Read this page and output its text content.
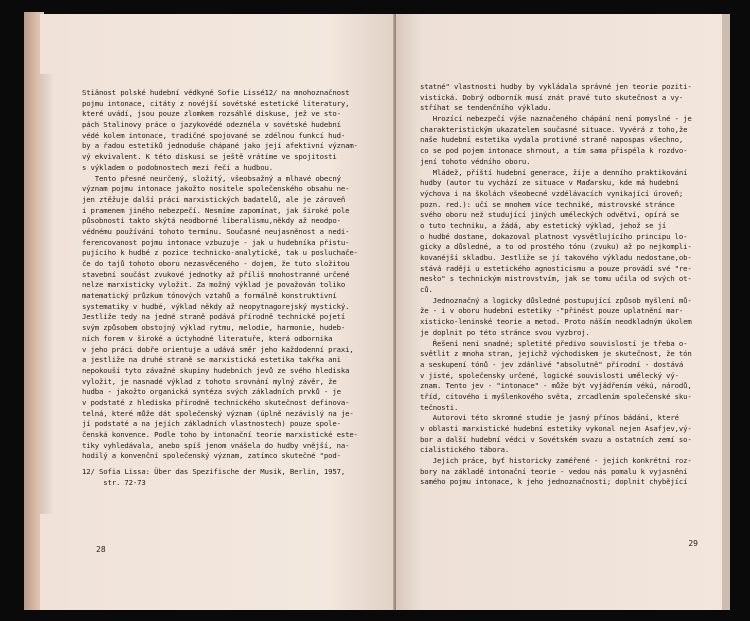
Stiänost polské hudební védkyné Sofie Lissé12/ na mnohoznačnost
pojmu intonace, citáty z novéjší sovétské estetické literatury,
které uvádí, jsou pouze zlomkem rozsáhlé diskuse, jež ve sto-
pách Stalinovy práce o jazykovédé odeznéla v sovétské hudební
védé kolem intonace, tradičné spojované se zdélnou funkcí hud-
by a řadou estetiků jednoduše chápané jako její afektivní význam-
vý ekvivalent. K této diskusi se ještě vrátíme ve spojitosti
s výkladem o podobnostech mezi řečí a hudbou.
Tento přesné neurčený, složitý, všeobsažný a mlhavé obecný
význam pojmu intonace jakožto nositele společenského obsahu ne-
jen ztěžuje další práci marxistických badatelů, ale je zároveň
i pramenem jiného nebezpečí. Nesmíme zapomínat, jak široké pole
působnosti takto skýtá neodborné liberalismu,někdy až neodpo-
védnému používání tohoto termínu. Současné neujasněnost a nedi-
ferencovanost pojmu intonace vzbuzuje - jak u hudebníka přistu-
pujícího k hudbé z pozice technicko-analytické, tak u posluchače-
če do tajů tohoto oboru nezasvěceného - dojem, že tuto složitou
stavební součást zvukové jednotky až příliš mnohostranné určené
nelze marxisticky vyložit. Za možný výklad je považován toliko
matematický průzkum tónových vztahů a formálně konstruktivní
systematiky v hudbé, výklad někdy až neopytnagorejský mystický.
Jestliže tedy na jedné straně podává přírodně technické pojetí
svým způsobem obstojný výklad rytmu, melodie, harmonie, hudeb-
ních forem v široké a úctyhodné literatuře, která odbornika
v jeho práci dobře orientuje a udává směr jeho každodenní praxi,
a jestliže na druhé straně se marxistická estetika takřka ani
nepokouší tyto závažné skupiny hudebních jevů ze svého hlediska
vyložit, je nasnadé výklad z tohoto srovnání mylný závěr, že
hudba - jakožto organická syntéza svých základních prvků - je
v podstaté z hlediska přírodně technického skutečnost definova-
telná, které může dát společenský význam (úplně nezávislý na je-
jí podstaté a na jejích základních vlastnostech) pouze spole-
čenská konvence. Podle toho by intonační teorie marxistické este-
tiky vyhledávala, anebo spíš jenom vnášela do hudby vnější, na-
hodilý a konvenční společenský význam, zatímco skutečné "pod-
12/ Sofia Lissa: Über das Spezifische der Musik, Berlin, 1957,
str. 72-73
28
statné" vlastnosti hudby by vykládala správné jen teorie poziti-
vistická. Dobrý odborník musí znát pravé tuto skutečnost a vy-
stříhat se tendenčního výkladu.
Hrozící nebezpečí výše naznačeného chápání není pomyslné - je
charakteristickým ukazatelem současné situace. Vyvérá z toho,že
naše hudební estetika vydala protivné straně napospas všechno,
co se pod pojem intonace shrnout, a tím sama přispéla k rozdvo-
jení tohoto védního oboru.
Mládež, příští hudební generace, žije a denního praktikování
hudby (autor tu vychází ze situace v Maďarsku, kde má hudební
výchova i na školách všeobecné vzdélávacích vynikající úroveň;
pozn. red.): učí se mnohem více techniké, mistrovské stránce
svého oboru než studující jiných uméleckých odvětví, opírá se
o tuto techniku, a žádá, aby estetický výklad, jehož se jí
o hudbé dostane, dokazoval platnost vysvětlujícího principu lo-
gicky a důsledné, a to od prostého tónu (zvuku) až po nejkompli-
kovanéjší skladbu. Jestliže se jí takového výkladu nedostane,ob-
stává raději u estetického agnosticismu a pouze provádí své "re-
mesło" s technickým mistrovstvím, jak se tomu učila od svých ot-
ců.
Jednoznačný a logicky důsledné postupující způsob myšlení mů-
že - i v oboru hudební estetiky -"přinést pouze uplatnění mar-
xisticko-leninské teorie a metod. Proto náším neodkladným úkolem
je doplnit po této stránce svou vyzbroj.
Řešení není snadné; spletité předivo souvislostí je třeba o-
světlit z mnoha stran, jejichž východiskem je skutečnost, že tón
a seskupení tónů - jev zdánlivé "absolutně" přírodní - dostává
v jisté, společensky určené, logické souvislosti umělecký vý-
znam. Tento jev - "intonace" - může být vyjádřením vékú, národů,
tříd, citového i myšlenkového světa, zrcadlením společenské sku-
tečnosti.
Autorovi této skromné studie je jasný přínos bádání, které
v oblasti marxistické hudební estetiky vykonal nejen Asafjev,vý-
bor a další hudební védci v Sovétském svazu a ostatních zemí so-
cialistického tábora.
Jejich práce, byť historicky zaméřené - jejich konkrétní roz-
bory na základě intonační teorie - vedou nás pomalu k vyjasnění
samého pojmu intonace, k jeho jednoznačnosti; doplnit chybějící
29
